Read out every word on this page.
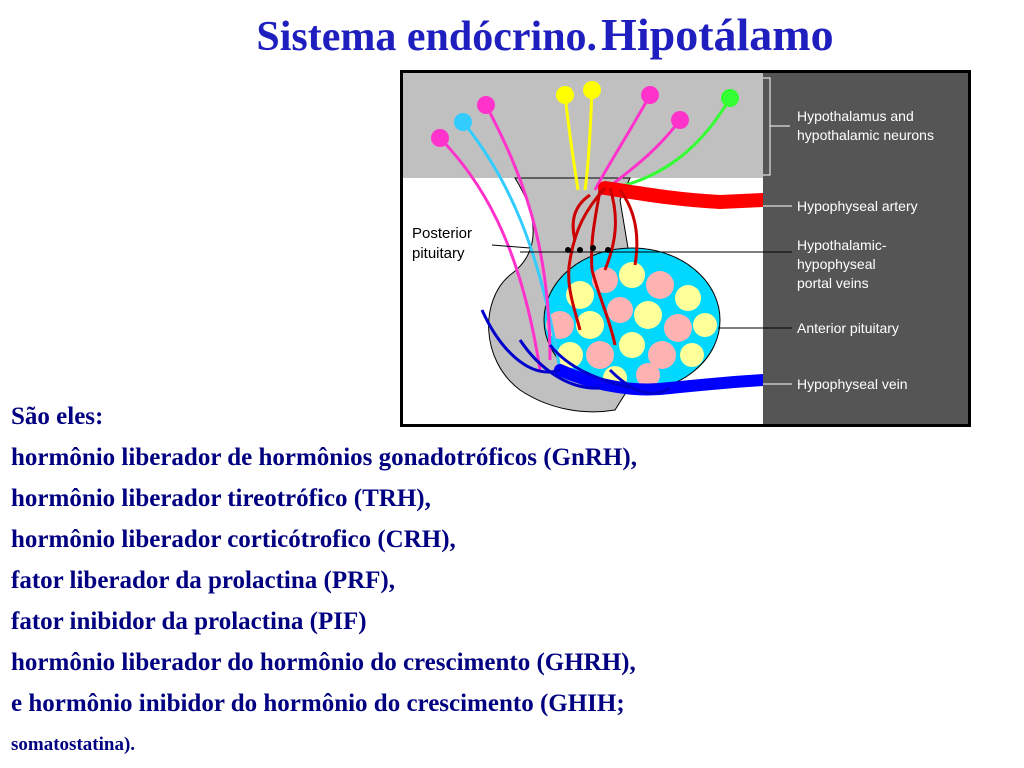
Sistema endócrino. Hipotálamo
Posterior
pituitary
Hypothalamus and
hypothalamic neurons
Hypophyseal artery
Hypothalamic-
hypophyseal
portal veins
Anterior pituitary
Hypophyseal vein
São eles:
hormônio liberador de hormônios gonadotróficos (GnRH),
hormônio liberador tireotrófico (TRH),
hormônio liberador corticótrofico (CRH),
fator liberador da prolactina (PRF),
fator inibidor da prolactina (PIF)
hormônio liberador do hormônio do crescimento (GHRH),
e hormônio inibidor do hormônio do crescimento (GHIH;
somatostatina).
